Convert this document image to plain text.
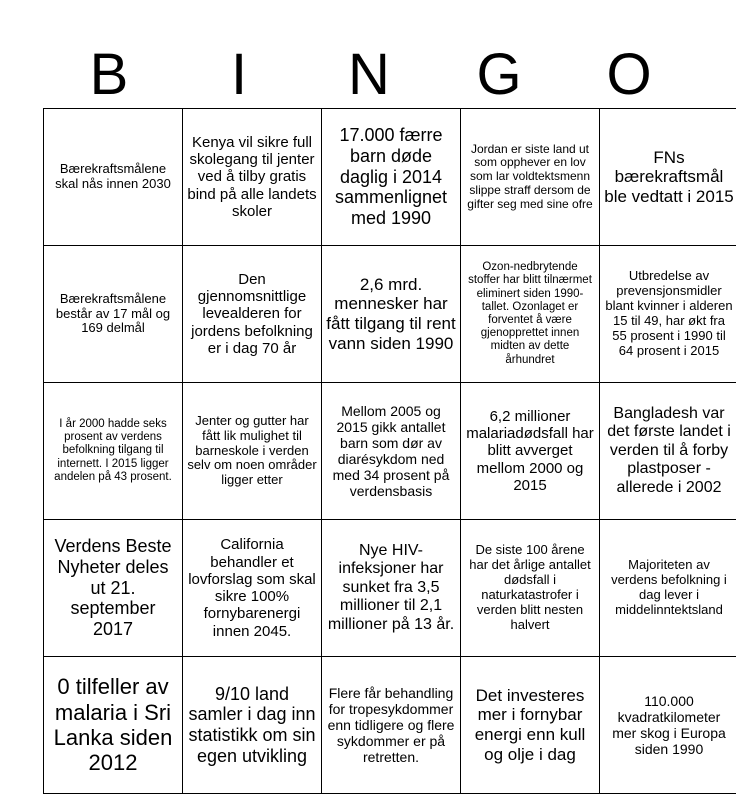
B	I	N	G	O
Bærekraftsmålene skal nås innen 2030	Kenya vil sikre full skolegang til jenter ved å tilby gratis bind på alle landets skoler	17.000 færre barn døde daglig i 2014 sammenlignet med 1990	Jordan er siste land ut som opphever en lov som lar voldtektsmenn slippe straff dersom de gifter seg med sine ofre	FNs bærekraftsmål ble vedtatt i 2015
Bærekraftsmålene består av 17 mål og 169 delmål	Den gjennomsnittlige levealderen for jordens befolkning er i dag 70 år	2,6 mrd. mennesker har fått tilgang til rent vann siden 1990	Ozon-nedbrytende stoffer har blitt tilnærmet eliminert siden 1990-tallet. Ozonlaget er forventet å være gjenopprettet innen midten av dette århundret	Utbredelse av prevensjonsmidler blant kvinner i alderen 15 til 49, har økt fra 55 prosent i 1990 til 64 prosent i 2015
I år 2000 hadde seks prosent av verdens befolkning tilgang til internett. I 2015 ligger andelen på 43 prosent.	Jenter og gutter har fått lik mulighet til barneskole i verden selv om noen områder ligger etter	Mellom 2005 og 2015 gikk antallet barn som dør av diarésykdom ned med 34 prosent på verdensbasis	6,2 millioner malariadødsfall har blitt avverget mellom 2000 og 2015	Bangladesh var det første landet i verden til å forby plastposer - allerede i 2002
Verdens Beste Nyheter deles ut 21. september 2017	California behandler et lovforslag som skal sikre 100% fornybarenergi innen 2045.	Nye HIV-infeksjoner har sunket fra 3,5 millioner til 2,1 millioner på 13 år.	De siste 100 årene har det årlige antallet dødsfall i naturkatastrofer i verden blitt nesten halvert	Majoriteten av verdens befolkning i dag lever i middelinntektsland
0 tilfeller av malaria i Sri Lanka siden 2012	9/10 land samler i dag inn statistikk om sin egen utvikling	Flere får behandling for tropesykdommer enn tidligere og flere sykdommer er på retretten.	Det investeres mer i fornybar energi enn kull og olje i dag	110.000 kvadratkilometer mer skog i Europa siden 1990
